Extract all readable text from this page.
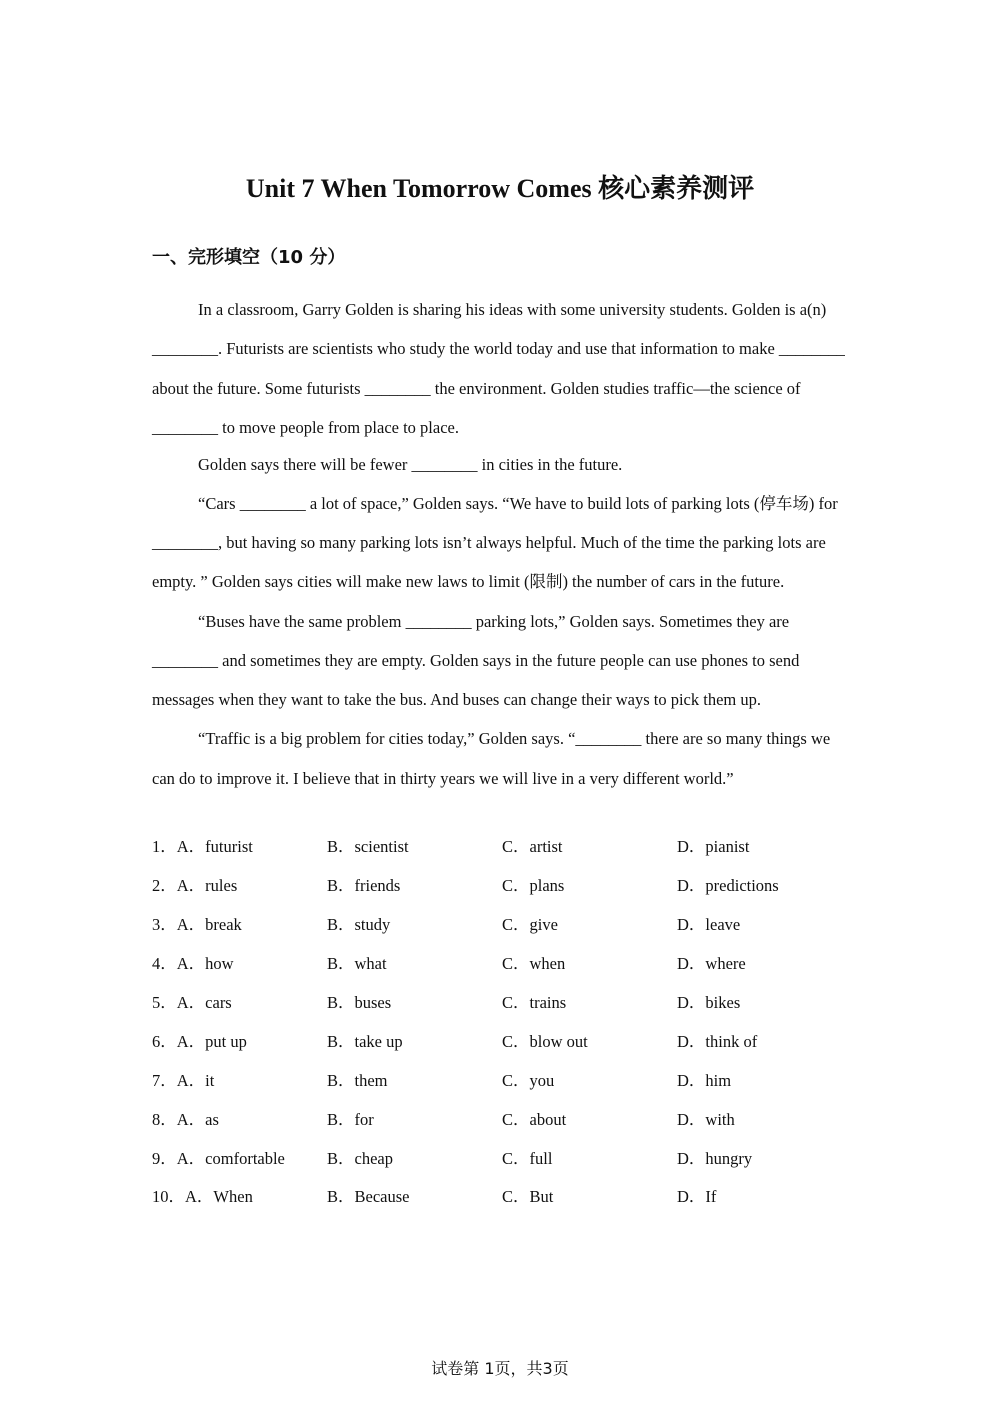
Unit 7 When Tomorrow Comes 核心素养测评
一、完形填空（10 分）

In a classroom, Garry Golden is sharing his ideas with some university students. Golden is a(n) ________. Futurists are scientists who study the world today and use that information to make ________ about the future. Some futurists ________ the environment. Golden studies traffic—the science of ________ to move people from place to place.

Golden says there will be fewer ________ in cities in the future.

“Cars ________ a lot of space,” Golden says. “We have to build lots of parking lots (停车场) for ________, but having so many parking lots isn’t always helpful. Much of the time the parking lots are empty. ” Golden says cities will make new laws to limit (限制) the number of cars in the future.

“Buses have the same problem ________ parking lots,” Golden says. Sometimes they are ________ and sometimes they are empty. Golden says in the future people can use phones to send messages when they want to take the bus. And buses can change their ways to pick them up.

“Traffic is a big problem for cities today,” Golden says. “________ there are so many things we can do to improve it. I believe that in thirty years we will live in a very different world.”

1．A．futurist	B．scientist	C．artist	D．pianist
2．A．rules	B．friends	C．plans	D．predictions
3．A．break	B．study	C．give	D．leave
4．A．how	B．what	C．when	D．where
5．A．cars	B．buses	C．trains	D．bikes
6．A．put up	B．take up	C．blow out	D．think of
7．A．it	B．them	C．you	D．him
8．A．as	B．for	C．about	D．with
9．A．comfortable	B．cheap	C．full	D．hungry
10．A．When	B．Because	C．But	D．If
试卷第 1页，共3页
